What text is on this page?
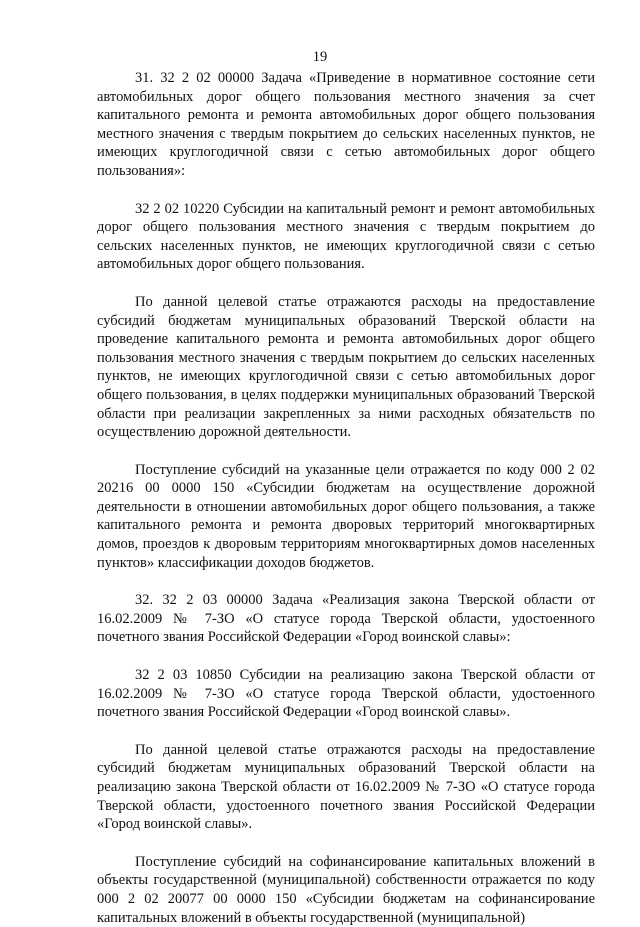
19

31. 32 2 02 00000 Задача «Приведение в нормативное состояние сети автомобильных дорог общего пользования местного значения за счет капитального ремонта и ремонта автомобильных дорог общего пользования местного значения с твердым покрытием до сельских населенных пунктов, не имеющих круглогодичной связи с сетью автомобильных дорог общего пользования»:

32 2 02 10220 Субсидии на капитальный ремонт и ремонт автомобильных дорог общего пользования местного значения с твердым покрытием до сельских населенных пунктов, не имеющих круглогодичной связи с сетью автомобильных дорог общего пользования.

По данной целевой статье отражаются расходы на предоставление субсидий бюджетам муниципальных образований Тверской области на проведение капитального ремонта и ремонта автомобильных дорог общего пользования местного значения с твердым покрытием до сельских населенных пунктов, не имеющих круглогодичной связи с сетью автомобильных дорог общего пользования, в целях поддержки муниципальных образований Тверской области при реализации закрепленных за ними расходных обязательств по осуществлению дорожной деятельности.

Поступление субсидий на указанные цели отражается по коду 000 2 02 20216 00 0000 150 «Субсидии бюджетам на осуществление дорожной деятельности в отношении автомобильных дорог общего пользования, а также капитального ремонта и ремонта дворовых территорий многоквартирных домов, проездов к дворовым территориям многоквартирных домов населенных пунктов» классификации доходов бюджетов.

32. 32 2 03 00000 Задача «Реализация закона Тверской области от 16.02.2009 № 7-ЗО «О статусе города Тверской области, удостоенного почетного звания Российской Федерации «Город воинской славы»:

32 2 03 10850 Субсидии на реализацию закона Тверской области от 16.02.2009 № 7-ЗО «О статусе города Тверской области, удостоенного почетного звания Российской Федерации «Город воинской славы».

По данной целевой статье отражаются расходы на предоставление субсидий бюджетам муниципальных образований Тверской области на реализацию закона Тверской области от 16.02.2009 № 7-ЗО «О статусе города Тверской области, удостоенного почетного звания Российской Федерации «Город воинской славы».

Поступление субсидий на софинансирование капитальных вложений в объекты государственной (муниципальной) собственности отражается по коду 000 2 02 20077 00 0000 150 «Субсидии бюджетам на софинансирование капитальных вложений в объекты государственной (муниципальной)
